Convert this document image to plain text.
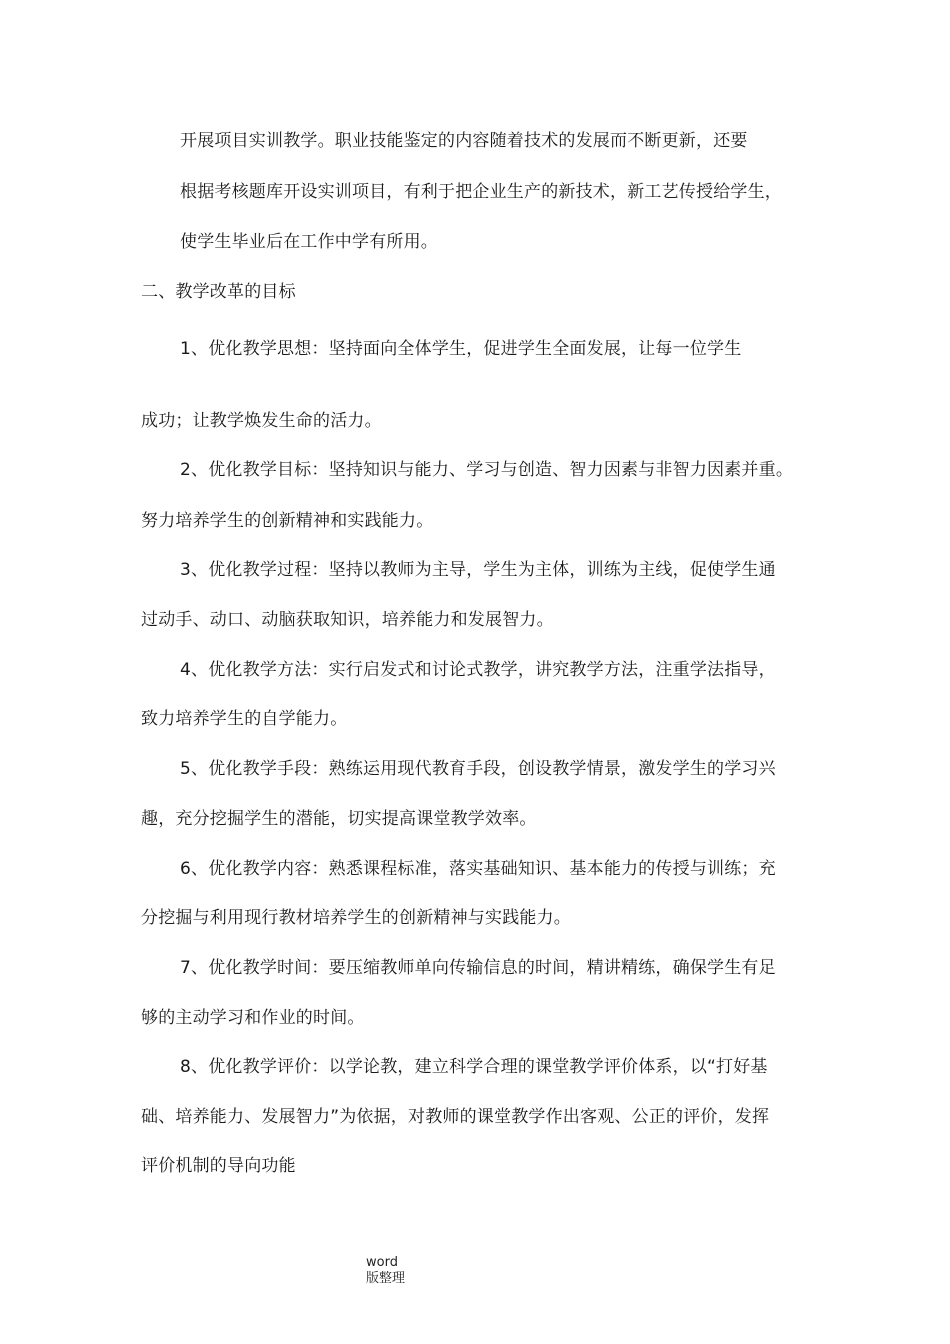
开展项目实训教学。职业技能鉴定的内容随着技术的发展而不断更新，还要
根据考核题库开设实训项目，有利于把企业生产的新技术，新工艺传授给学生，
使学生毕业后在工作中学有所用。
二、教学改革的目标
1、优化教学思想：坚持面向全体学生，促进学生全面发展，让每一位学生
成功；让教学焕发生命的活力。
2、优化教学目标：坚持知识与能力、学习与创造、智力因素与非智力因素并重。
努力培养学生的创新精神和实践能力。
3、优化教学过程：坚持以教师为主导，学生为主体，训练为主线，促使学生通
过动手、动口、动脑获取知识，培养能力和发展智力。
4、优化教学方法：实行启发式和讨论式教学，讲究教学方法，注重学法指导，
致力培养学生的自学能力。
5、优化教学手段：熟练运用现代教育手段，创设教学情景，激发学生的学习兴
趣，充分挖掘学生的潜能，切实提高课堂教学效率。
6、优化教学内容：熟悉课程标准，落实基础知识、基本能力的传授与训练；充
分挖掘与利用现行教材培养学生的创新精神与实践能力。
7、优化教学时间：要压缩教师单向传输信息的时间，精讲精练，确保学生有足
够的主动学习和作业的时间。
8、优化教学评价：以学论教，建立科学合理的课堂教学评价体系，以“打好基
础、培养能力、发展智力”为依据，对教师的课堂教学作出客观、公正的评价，发挥
评价机制的导向功能
word
版整理
